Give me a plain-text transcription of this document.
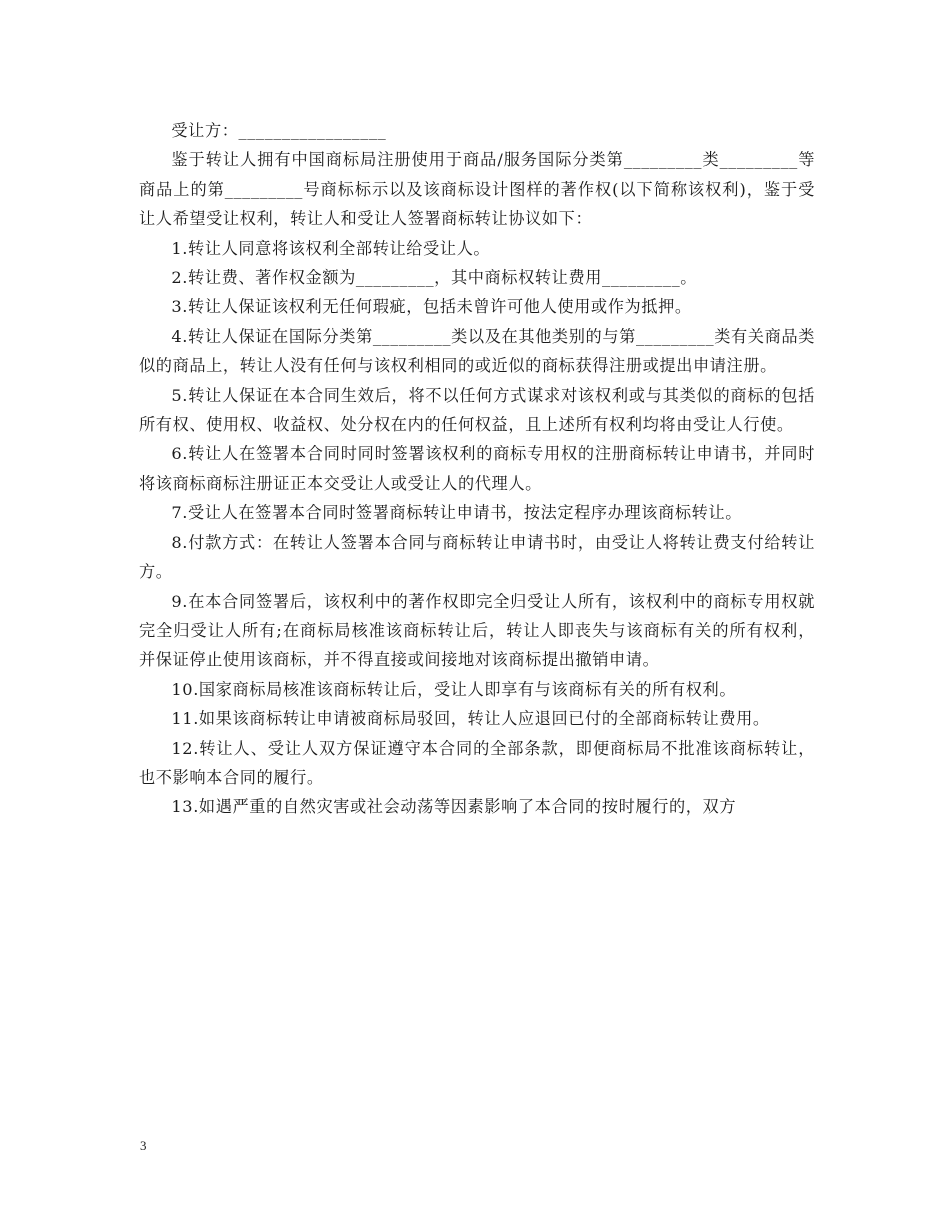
受让方：_________________

鉴于转让人拥有中国商标局注册使用于商品/服务国际分类第_________类_________等商品上的第_________号商标标示以及该商标设计图样的著作权(以下简称该权利)，鉴于受让人希望受让权利，转让人和受让人签署商标转让协议如下：

1.转让人同意将该权利全部转让给受让人。

2.转让费、著作权金额为_________，其中商标权转让费用_________。

3.转让人保证该权利无任何瑕疵，包括未曾许可他人使用或作为抵押。

4.转让人保证在国际分类第_________类以及在其他类别的与第_________类有关商品类似的商品上，转让人没有任何与该权利相同的或近似的商标获得注册或提出申请注册。

5.转让人保证在本合同生效后，将不以任何方式谋求对该权利或与其类似的商标的包括所有权、使用权、收益权、处分权在内的任何权益，且上述所有权利均将由受让人行使。

6.转让人在签署本合同时同时签署该权利的商标专用权的注册商标转让申请书，并同时将该商标商标注册证正本交受让人或受让人的代理人。

7.受让人在签署本合同时签署商标转让申请书，按法定程序办理该商标转让。

8.付款方式：在转让人签署本合同与商标转让申请书时，由受让人将转让费支付给转让方。

9.在本合同签署后，该权利中的著作权即完全归受让人所有，该权利中的商标专用权就完全归受让人所有;在商标局核准该商标转让后，转让人即丧失与该商标有关的所有权利，并保证停止使用该商标，并不得直接或间接地对该商标提出撤销申请。

10.国家商标局核准该商标转让后，受让人即享有与该商标有关的所有权利。

11.如果该商标转让申请被商标局驳回，转让人应退回已付的全部商标转让费用。

12.转让人、受让人双方保证遵守本合同的全部条款，即便商标局不批准该商标转让，也不影响本合同的履行。

13.如遇严重的自然灾害或社会动荡等因素影响了本合同的按时履行的，双方

3
